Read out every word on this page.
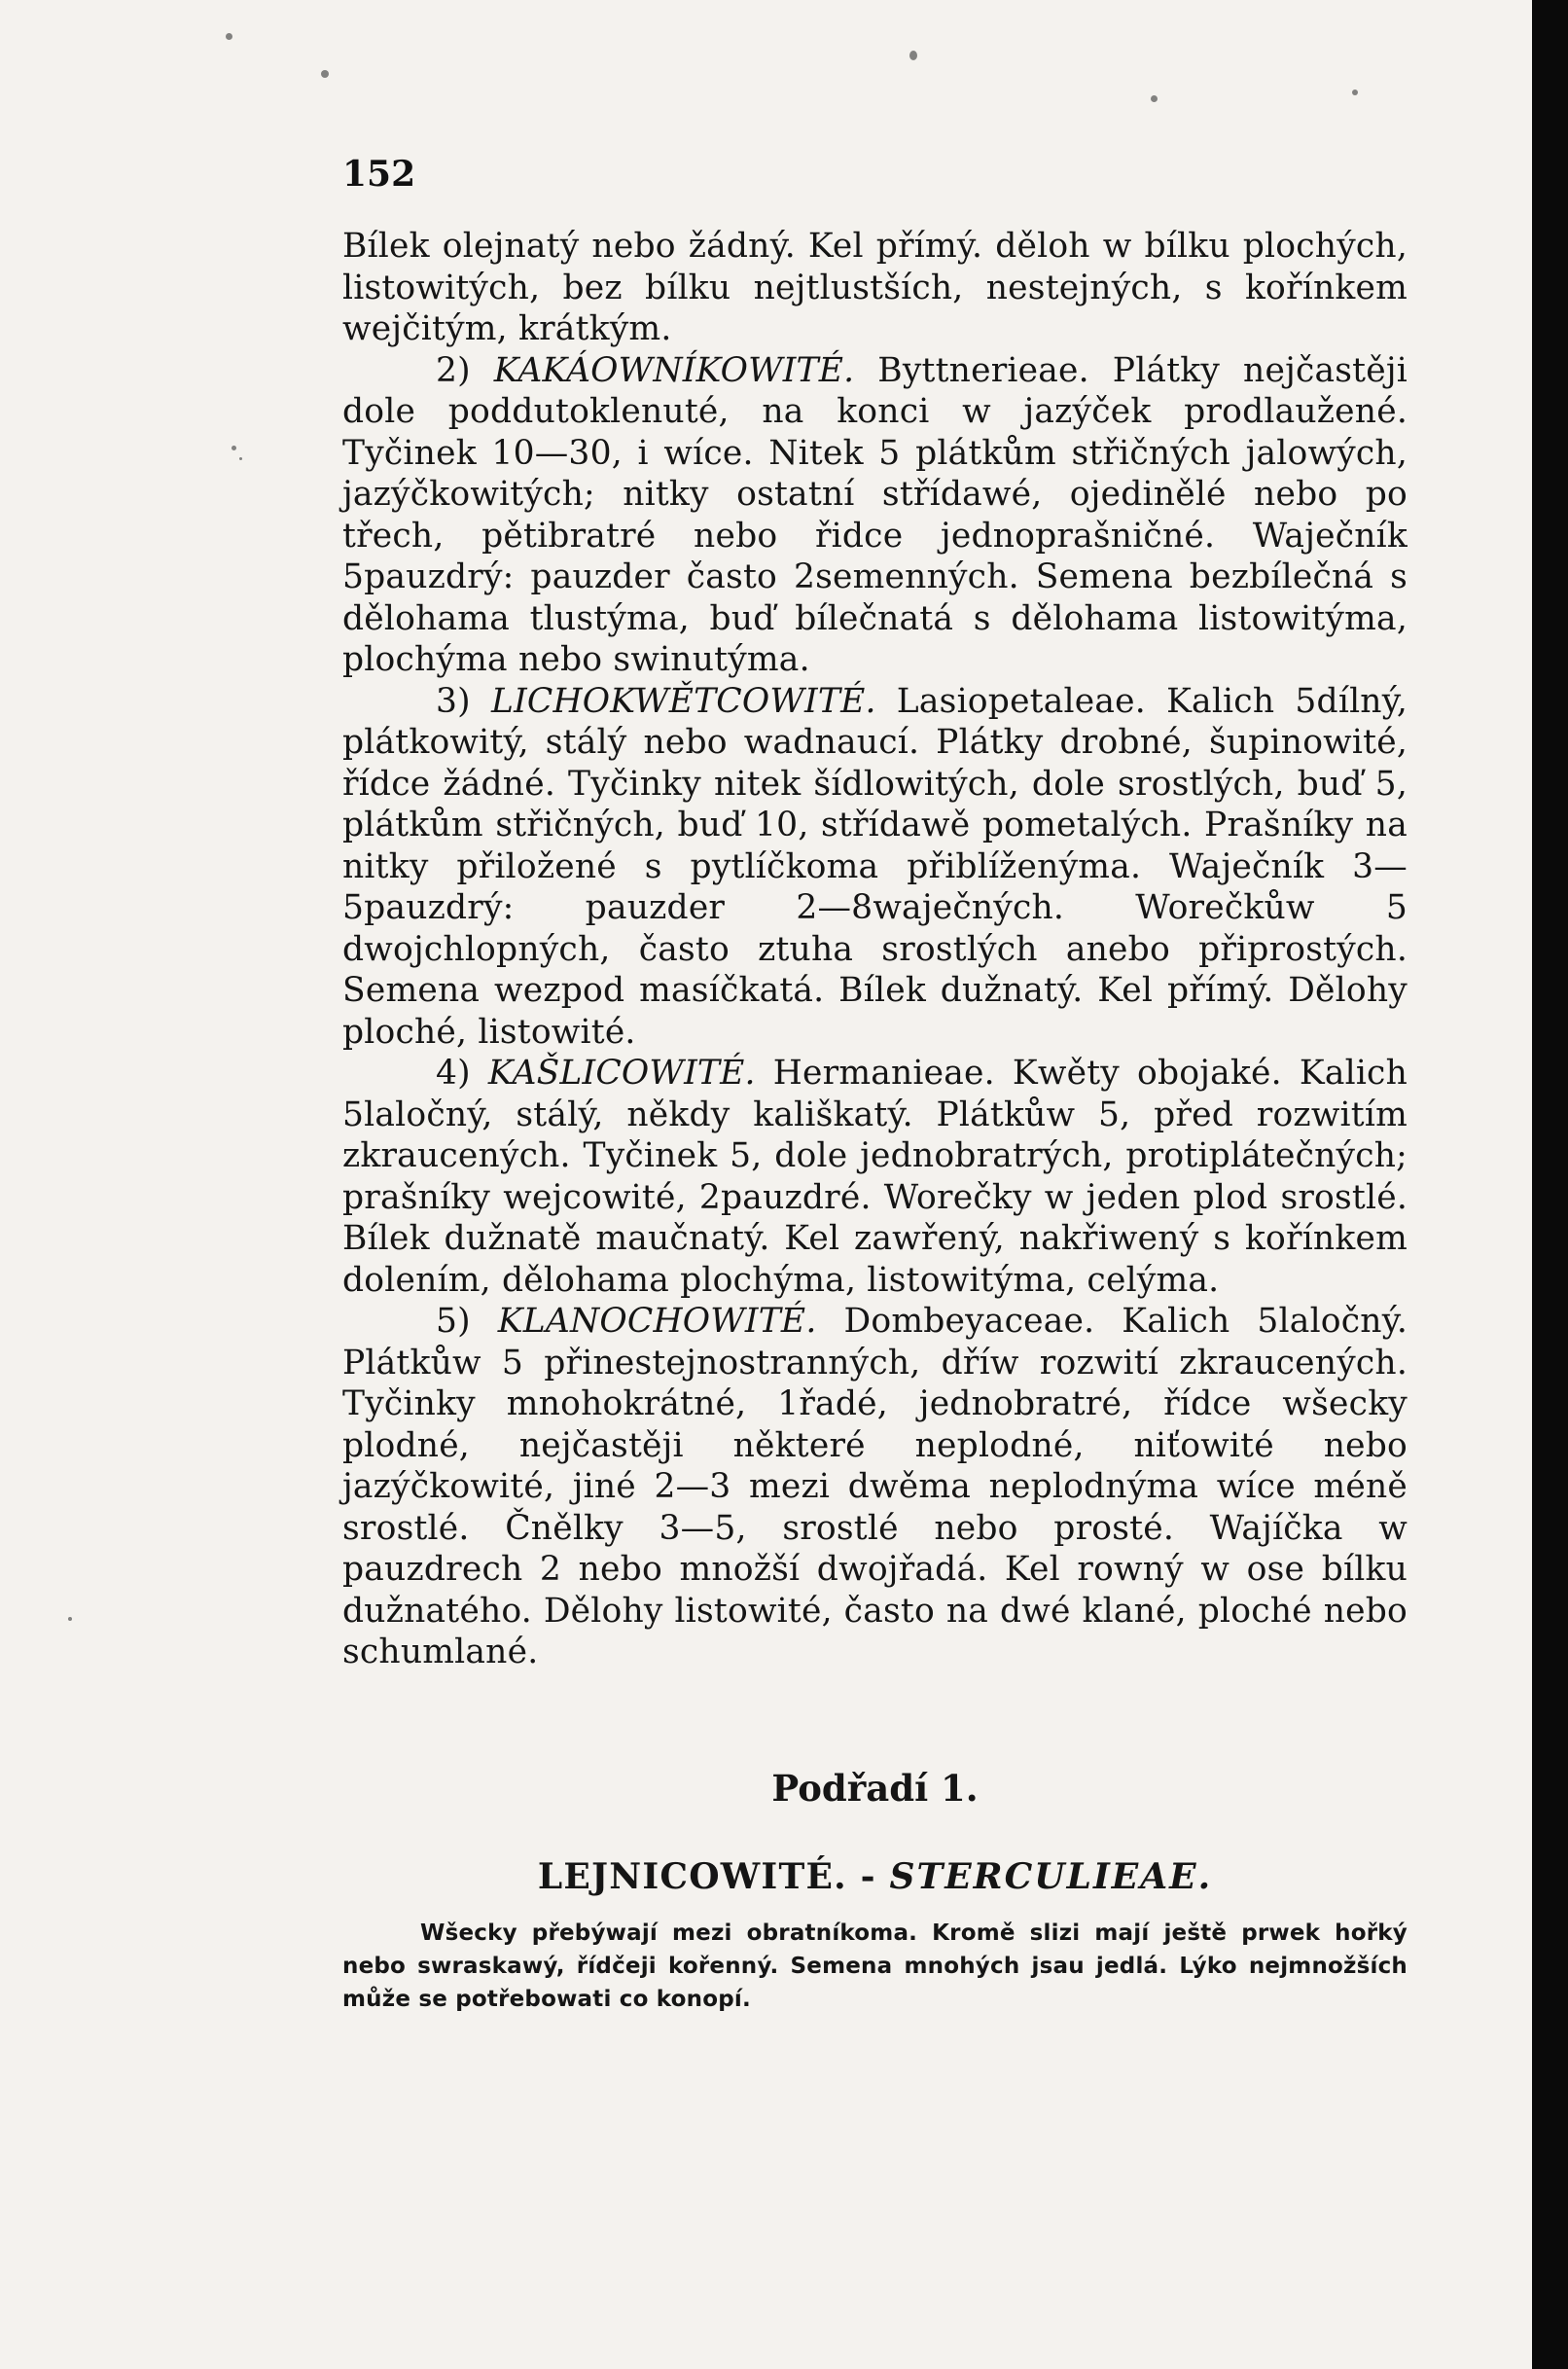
152

Bílek olejnatý nebo žádný. Kel přímý. děloh w bílku plochých, listowitých, bez bílku nejtlustších, nestejných, s kořínkem wejčitým, krátkým.

2) KAKÁOWNÍKOWITÉ. Byttnerieae. Plátky nejčastěji dole poddutoklenuté, na konci w jazýček prodlaužené. Tyčinek 10—30, i wíce. Nitek 5 plátkům střičných jalowých, jazýčkowitých; nitky ostatní střídawé, ojedinělé nebo po třech, pětibratré nebo řidce jednoprašničné. Waječník 5pauzdrý: pauzder často 2semenných. Semena bezbílečná s dělohama tlustýma, buď bílečnatá s dělohama listowitýma, plochýma nebo swinutýma.

3) LICHOKWĚTCOWITÉ. Lasiopetaleae. Kalich 5dílný, plátkowitý, stálý nebo wadnaucí. Plátky drobné, šupinowité, řídce žádné. Tyčinky nitek šídlowitých, dole srostlých, buď 5, plátkům střičných, buď 10, střídawě pometalých. Prašníky na nitky přiložené s pytlíčkoma přiblíženýma. Waječník 3—5pauzdrý: pauzder 2—8waječných. Worečkůw 5 dwojchlopných, často ztuha srostlých anebo připrostých. Semena wezpod masíčkatá. Bílek dužnatý. Kel přímý. Dělohy ploché, listowité.

4) KAŠLICOWITÉ. Hermanieae. Kwěty obojaké. Kalich 5laločný, stálý, někdy kališkatý. Plátkůw 5, před rozwitím zkraucených. Tyčinek 5, dole jednobratrých, protiplátečných; prašníky wejcowité, 2pauzdré. Worečky w jeden plod srostlé. Bílek dužnatě maučnatý. Kel zawřený, nakřiwený s kořínkem dolením, dělohama plochýma, listowitýma, celýma.

5) KLANOCHOWITÉ. Dombeyaceae. Kalich 5laločný. Plátkůw 5 přinestejnostranných, dříw rozwití zkraucených. Tyčinky mnohokrátné, 1řadé, jednobratré, řídce wšecky plodné, nejčastěji některé neplodné, niťowité nebo jazýčkowité, jiné 2—3 mezi dwěma neplodnýma wíce méně srostlé. Čnělky 3—5, srostlé nebo prosté. Wajíčka w pauzdrech 2 nebo množší dwojřadá. Kel rowný w ose bílku dužnatého. Dělohy listowité, často na dwé klané, ploché nebo schumlané.

Podřadí 1.
LEJNICOWITÉ. - STERCULIEAE.

Wšecky přebýwají mezi obratníkoma. Kromě slizi mají ještě prwek hořký nebo swraskawý, řídčeji kořenný. Semena mnohých jsau jedlá. Lýko nejmnožších může se potřebowati co konopí.
